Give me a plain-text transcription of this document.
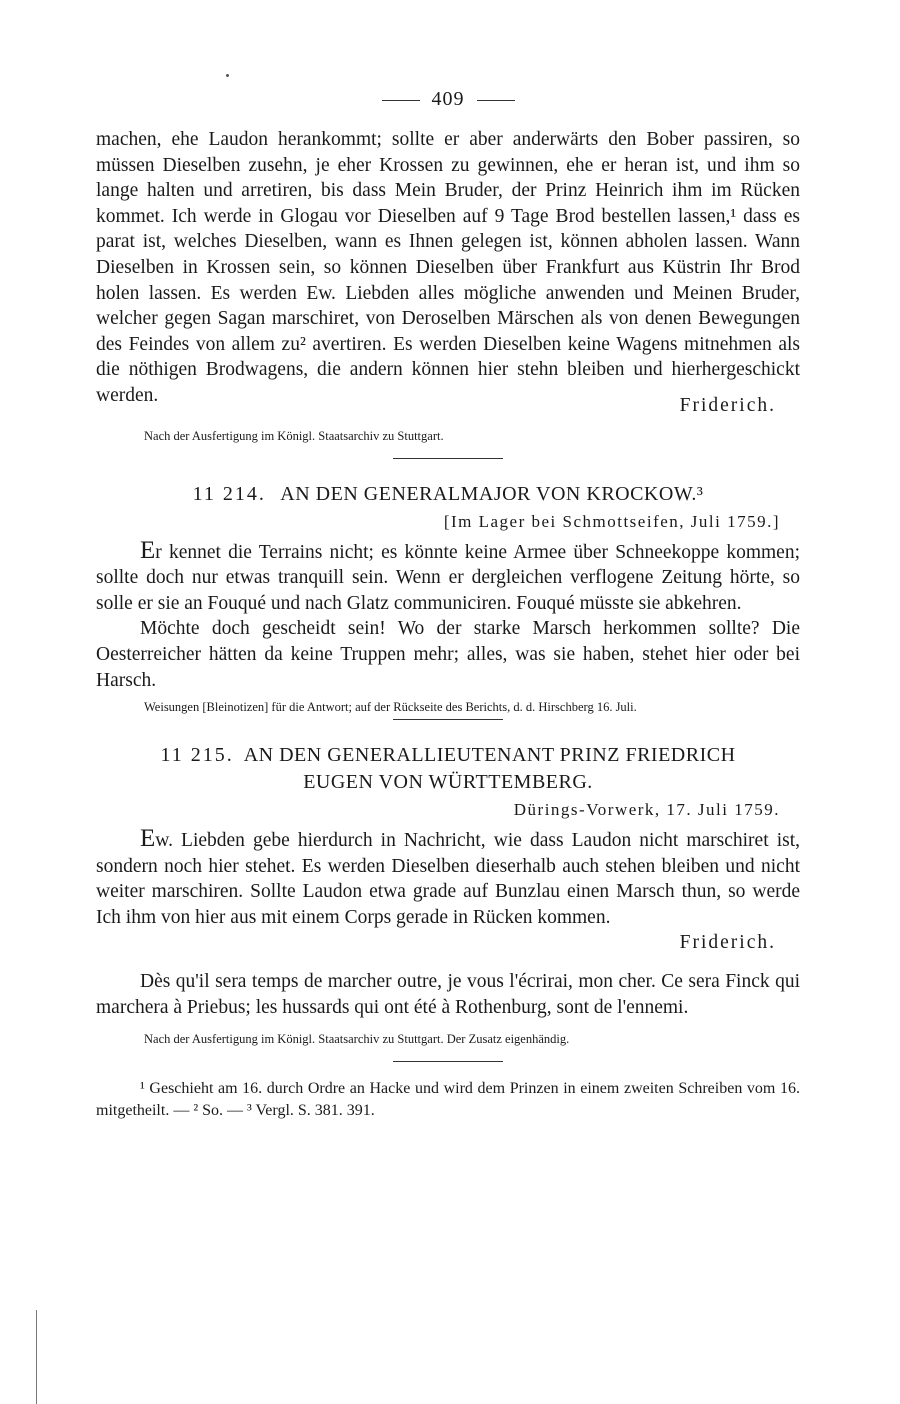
409

machen, ehe Laudon herankommt; sollte er aber anderwärts den Bober passiren, so müssen Dieselben zusehn, je eher Krossen zu gewinnen, ehe er heran ist, und ihm so lange halten und arretiren, bis dass Mein Bruder, der Prinz Heinrich ihm im Rücken kommet. Ich werde in Glogau vor Dieselben auf 9 Tage Brod bestellen lassen,¹ dass es parat ist, welches Dieselben, wann es Ihnen gelegen ist, können abholen lassen. Wann Dieselben in Krossen sein, so können Dieselben über Frankfurt aus Küstrin Ihr Brod holen lassen. Es werden Ew. Liebden alles mögliche anwenden und Meinen Bruder, welcher gegen Sagan marschiret, von Deroselben Märschen als von denen Bewegungen des Feindes von allem zu² avertiren. Es werden Dieselben keine Wagens mitnehmen als die nöthigen Brodwagens, die andern können hier stehn bleiben und hierhergeschickt werden.	Friderich.
Nach der Ausfertigung im Königl. Staatsarchiv zu Stuttgart.
11 214. AN DEN GENERALMAJOR VON KROCKOW.³
[Im Lager bei Schmottseifen, Juli 1759.]

Er kennet die Terrains nicht; es könnte keine Armee über Schneekoppe kommen; sollte doch nur etwas tranquill sein. Wenn er dergleichen verflogene Zeitung hörte, so solle er sie an Fouqué und nach Glatz communiciren. Fouqué müsste sie abkehren.

Möchte doch gescheidt sein! Wo der starke Marsch herkommen sollte? Die Oesterreicher hätten da keine Truppen mehr; alles, was sie haben, stehet hier oder bei Harsch.

Weisungen [Bleinotizen] für die Antwort; auf der Rückseite des Berichts, d. d. Hirschberg 16. Juli.
11 215. AN DEN GENERALLIEUTENANT PRINZ FRIEDRICH
EUGEN VON WÜRTTEMBERG.
Dürings-Vorwerk, 17. Juli 1759.

Ew. Liebden gebe hierdurch in Nachricht, wie dass Laudon nicht marschiret ist, sondern noch hier stehet. Es werden Dieselben dieserhalb auch stehen bleiben und nicht weiter marschiren. Sollte Laudon etwa grade auf Bunzlau einen Marsch thun, so werde Ich ihm von hier aus mit einem Corps gerade in Rücken kommen.

Friderich.

Dès qu'il sera temps de marcher outre, je vous l'écrirai, mon cher. Ce sera Finck qui marchera à Priebus; les hussards qui ont été à Rothenburg, sont de l'ennemi.

Nach der Ausfertigung im Königl. Staatsarchiv zu Stuttgart. Der Zusatz eigenhändig.

¹ Geschieht am 16. durch Ordre an Hacke und wird dem Prinzen in einem zweiten Schreiben vom 16. mitgetheilt. — ² So. — ³ Vergl. S. 381. 391.
